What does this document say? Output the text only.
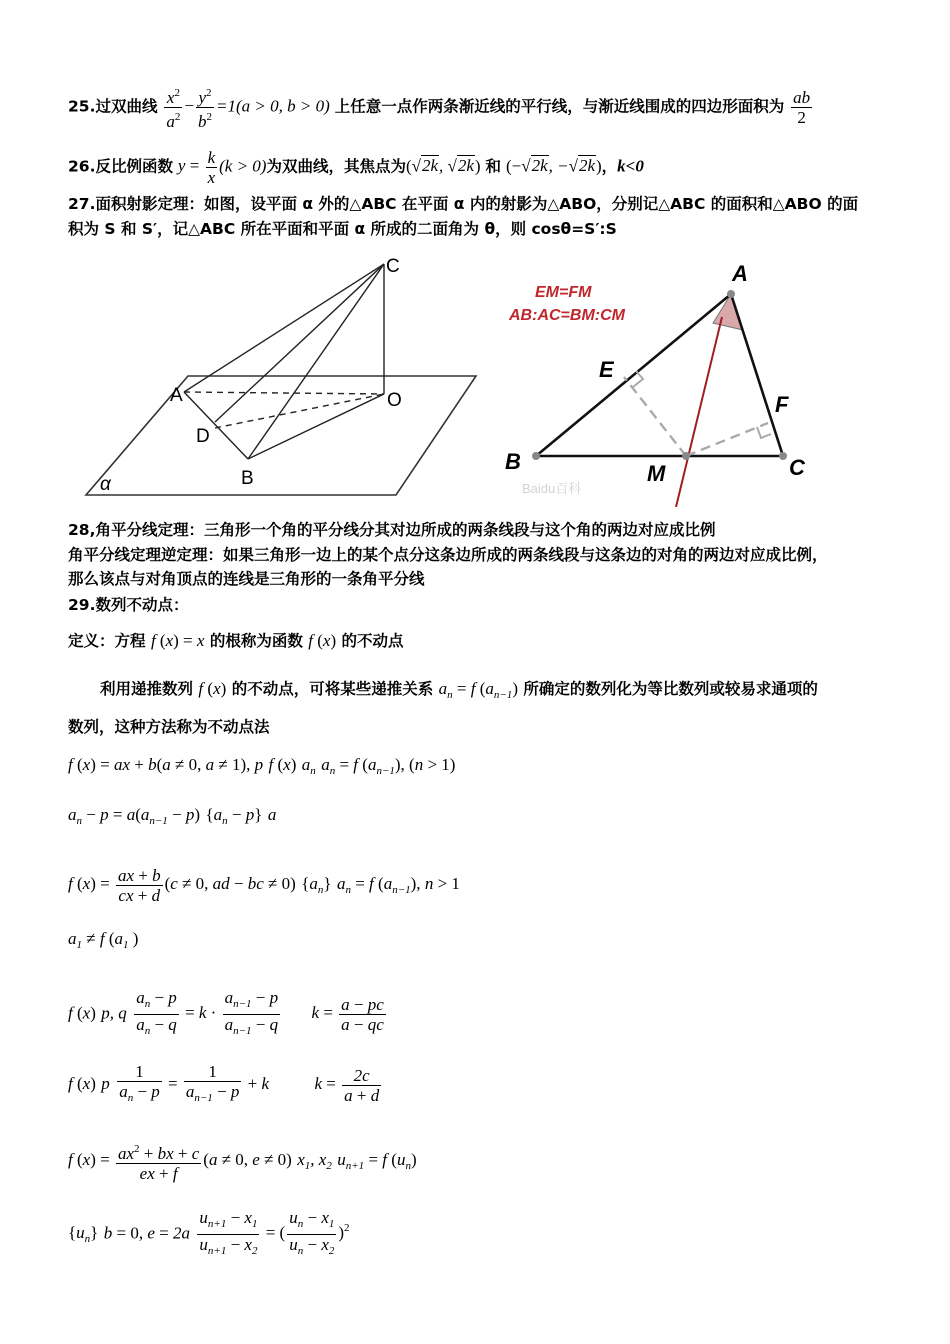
25.过双曲线 $\frac{x^2}{a^2} - \frac{y^2}{b^2} =1(a > 0$, b > 0) 上任意一点作两条渐近线的平行线，与渐近线围成的四边形面积为 $\frac{ab}{2}$
26.反比例函数 $y = \frac{k}{x} (k > 0)$为双曲线，其焦点为(√2k, √2k) 和 (−√2k, −√2k)，k<0
27.面积射影定理：如图，设平面 α 外的△ABC 在平面 α 内的射影为△ABO，分别记△ABC 的面积和△ABO 的面
积为 S 和 S′，记△ABC 所在平面和平面 α 所成的二面角为 θ，则 cosθ=S′:S
C
A	O
D
B
α
EM=FM
AB:AC=BM:CM
A
B	C
E
F
M
Baidu百科
28,角平分线定理：三角形一个角的平分线分其对边所成的两条线段与这个角的两边对应成比例
角平分线定理逆定理：如果三角形一边上的某个点分这条边所成的两条线段与这条边的对角的两边对应成比例，
那么该点与对角顶点的连线是三角形的一条角平分线
29.数列不动点：
定义：方程 f (x) = x 的根称为函数 f (x) 的不动点
利用递推数列 f (x) 的不动点，可将某些递推关系 $a_n = f$ $(a_{n-1})$ 所确定的数列化为等比数列或较易求通项的
数列，这种方法称为不动点法
f (x) = ax + b(a ≠ 0, a ≠ 1), p f (x) $a_n$ $a_n = f$ $(a_{n-1})$, (n > 1)
$a_n - p = a(a_{n-1} - p) \{a_n - p\}$ a
f $(x) = \frac{ax + b}{cx + d} (c \ne 0$, ad − bc ≠ 0) $\{a_n\} a_n = f$ $(a_{n-1})$, n > 1
$a_1 \ne f$ ($a_1$ )
f (x) p, q $\frac{a_n - p}{a_n - q} = k \cdot \frac{a_{n-1} - p}{a_{n-1} - q}$ $k = \frac{a - pc}{a - qc}$
f (x) p $\frac{1}{a_n - p} = \frac{1}{a_{n-1} - p} + k$	$k = \frac{2c}{a + d}$
f $(x) = \frac{ax^2 + bx + c}{ex + f} (a \ne 0$, e ≠ 0) $x_1$, $x_2$ $u_{n+1} = f$ $(u_n)$
$\{u_n\} b = 0$, $e = 2a \frac{u_{n+1} - x_1}{u_{n+1} - x_2}$ = ( $\frac{u_n - x_1}{u_n - x_2} )^2$
